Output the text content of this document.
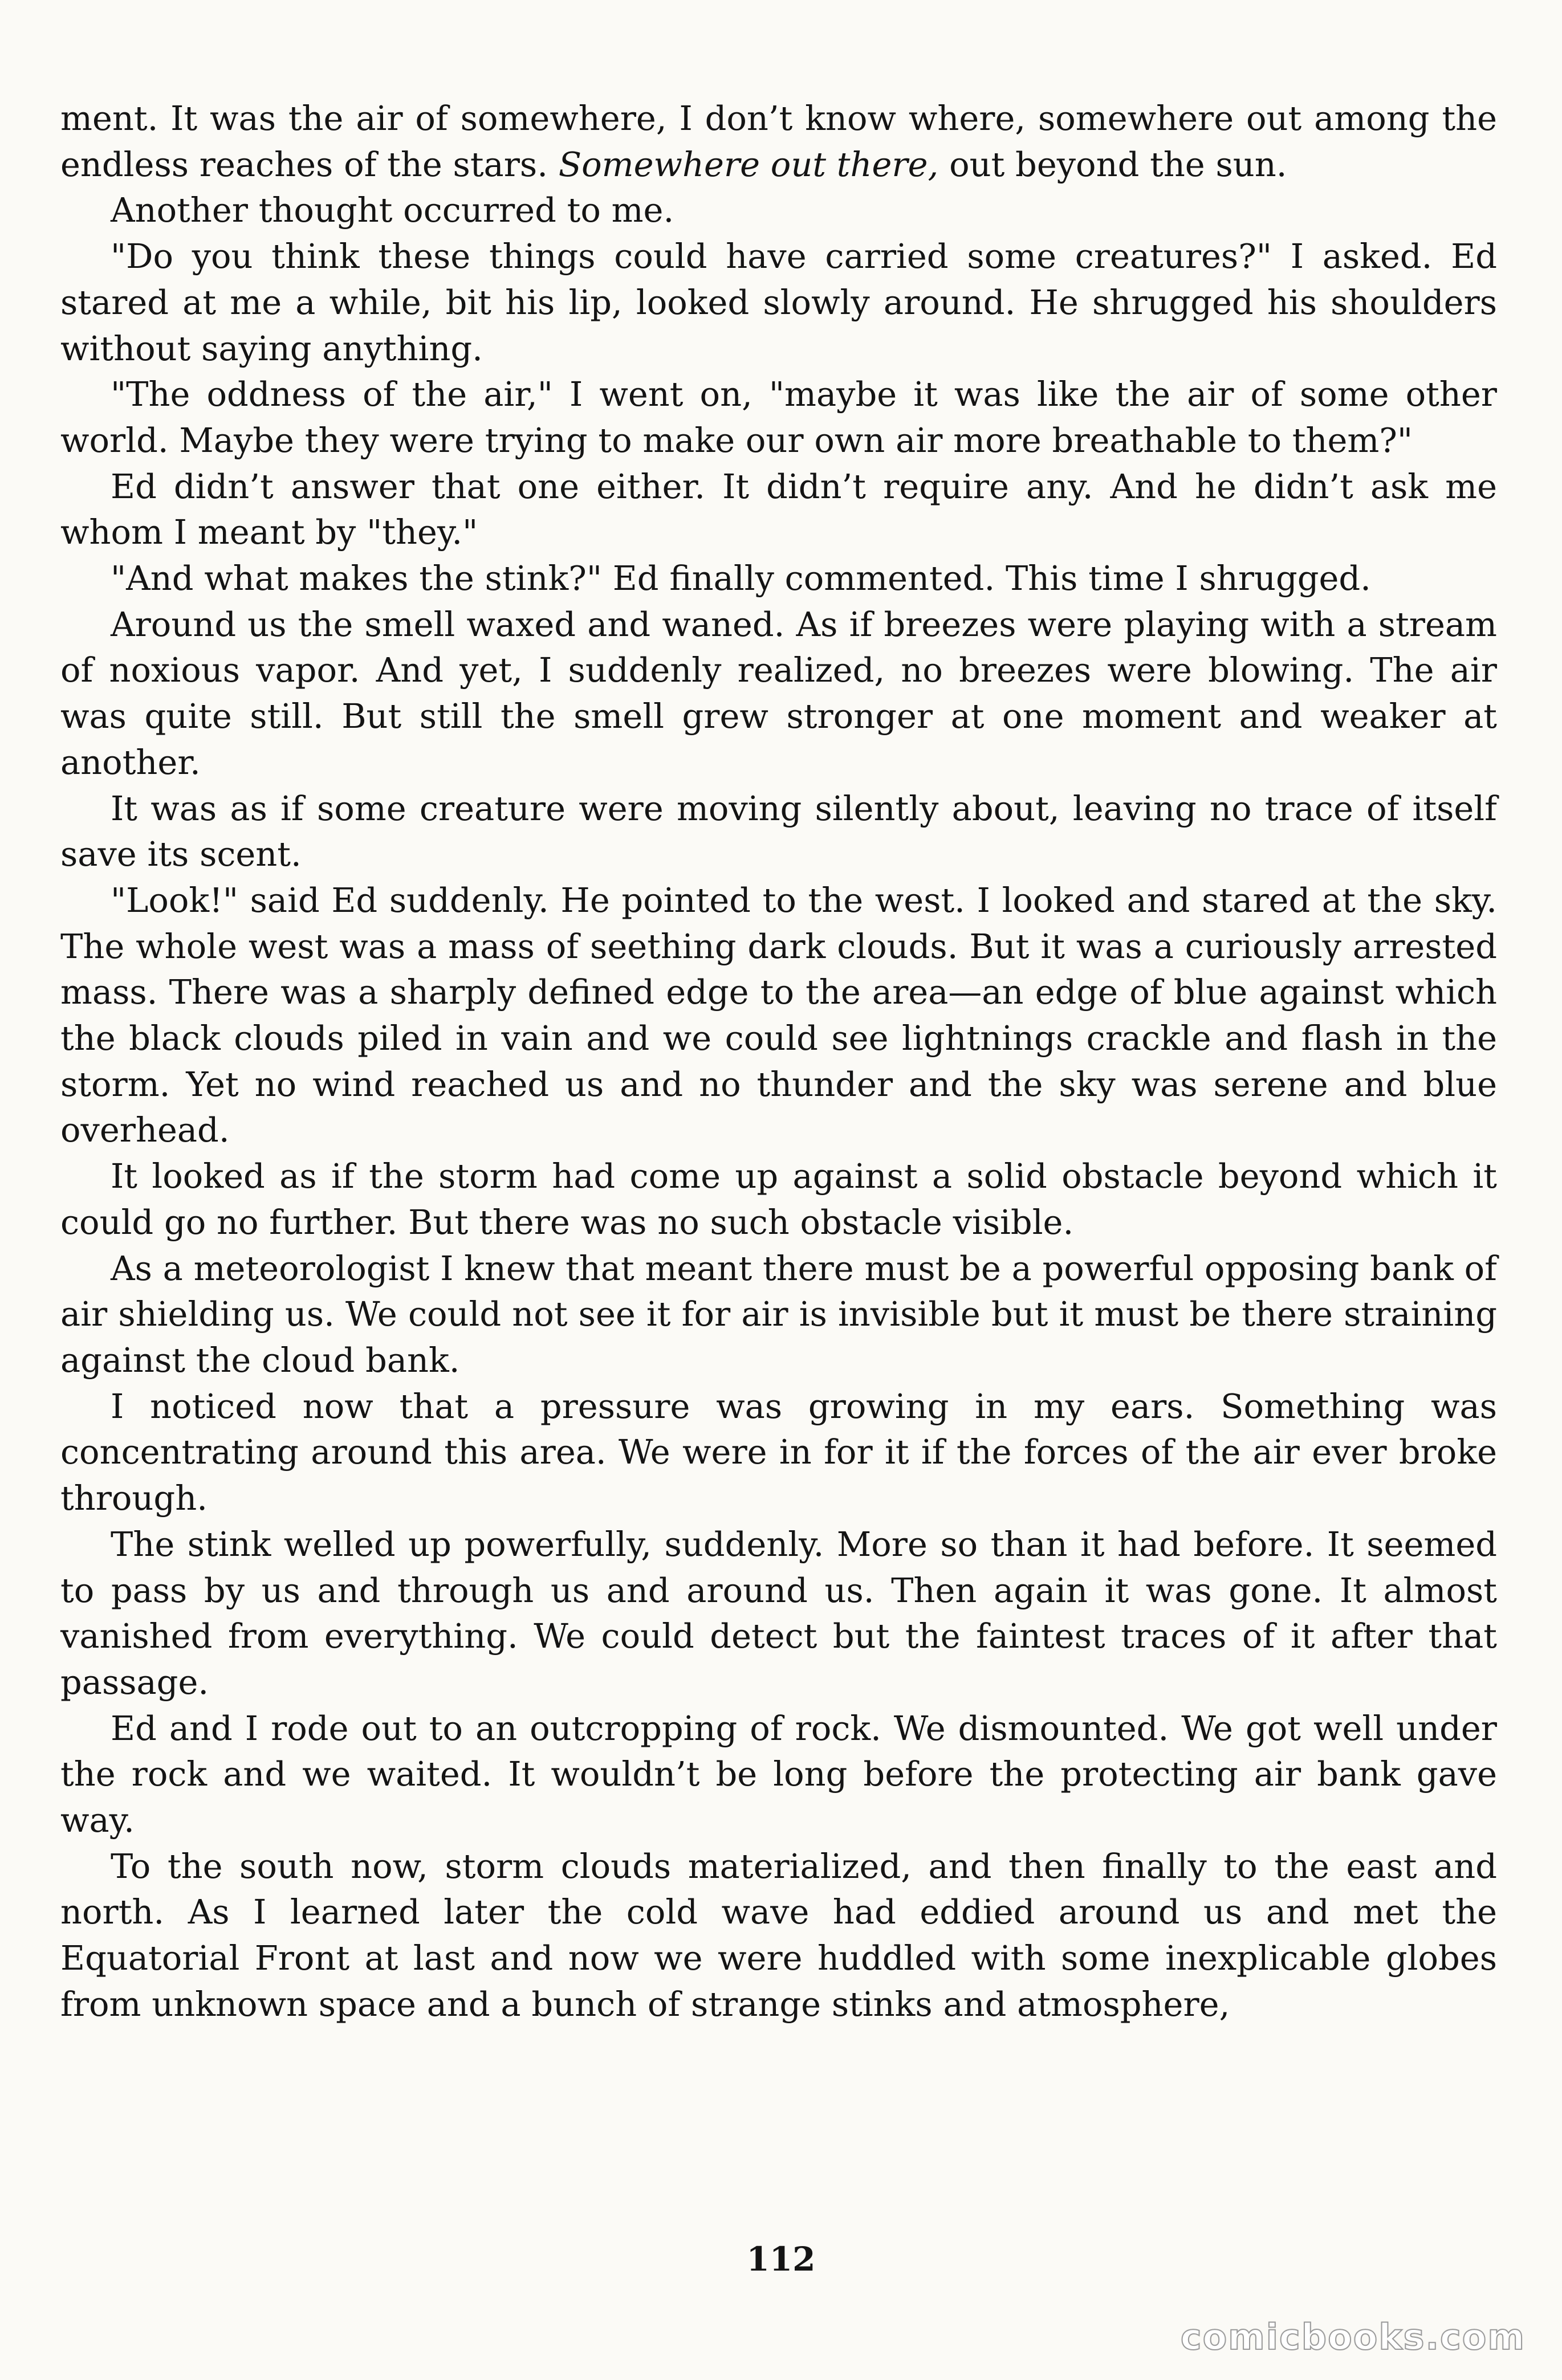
ment. It was the air of somewhere, I don’t know where, somewhere out among the endless reaches of the stars. Somewhere out there, out beyond the sun.

Another thought occurred to me.

"Do you think these things could have carried some creatures?" I asked. Ed stared at me a while, bit his lip, looked slowly around. He shrugged his shoulders without saying anything.

"The oddness of the air," I went on, "maybe it was like the air of some other world. Maybe they were trying to make our own air more breathable to them?"

Ed didn’t answer that one either. It didn’t require any. And he didn’t ask me whom I meant by "they."

"And what makes the stink?" Ed finally commented. This time I shrugged.

Around us the smell waxed and waned. As if breezes were playing with a stream of noxious vapor. And yet, I suddenly realized, no breezes were blowing. The air was quite still. But still the smell grew stronger at one moment and weaker at another.

It was as if some creature were moving silently about, leaving no trace of itself save its scent.

"Look!" said Ed suddenly. He pointed to the west. I looked and stared at the sky. The whole west was a mass of seething dark clouds. But it was a curiously arrested mass. There was a sharply defined edge to the area—an edge of blue against which the black clouds piled in vain and we could see lightnings crackle and flash in the storm. Yet no wind reached us and no thunder and the sky was serene and blue overhead.

It looked as if the storm had come up against a solid obstacle beyond which it could go no further. But there was no such obstacle visible.

As a meteorologist I knew that meant there must be a powerful opposing bank of air shielding us. We could not see it for air is invisible but it must be there straining against the cloud bank.

I noticed now that a pressure was growing in my ears. Something was concentrating around this area. We were in for it if the forces of the air ever broke through.

The stink welled up powerfully, suddenly. More so than it had before. It seemed to pass by us and through us and around us. Then again it was gone. It almost vanished from everything. We could detect but the faintest traces of it after that passage.

Ed and I rode out to an outcropping of rock. We dismounted. We got well under the rock and we waited. It wouldn’t be long before the protecting air bank gave way.

To the south now, storm clouds materialized, and then finally to the east and north. As I learned later the cold wave had eddied around us and met the Equatorial Front at last and now we were huddled with some inexplicable globes from unknown space and a bunch of strange stinks and atmosphere,

112
comicbooks.com
